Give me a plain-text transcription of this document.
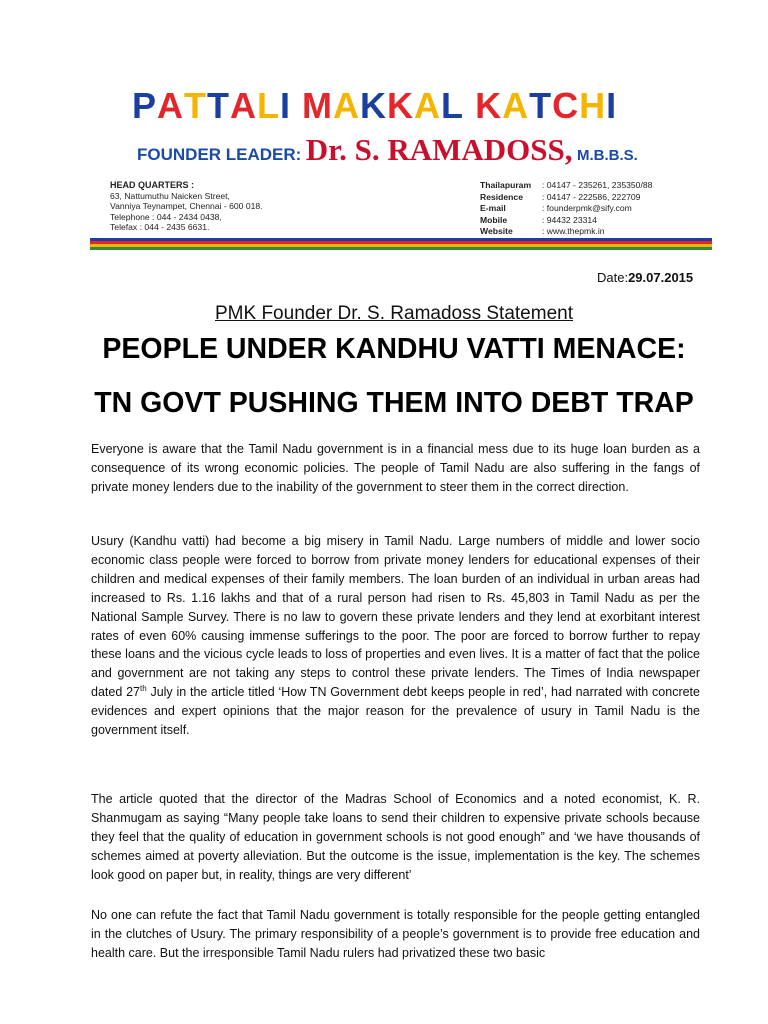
PATTALI MAKKAL KATCHI
FOUNDER LEADER: Dr. S. RAMADOSS, M.B.B.S.
HEAD QUARTERS :
63, Nattumuthu Naicken Street,
Vanniya Teynampet, Chennai - 600 018.
Telephone : 044 - 2434 0438,
Telefax : 044 - 2435 6631.
Thailapuram	: 04147 - 235261, 235350/88
Residence	: 04147 - 222586, 222709
E-mail	: founderpmk@sify.com
Mobile	: 94432 23314
Website	: www.thepmk.in
Date:29.07.2015
PMK Founder Dr. S. Ramadoss Statement
PEOPLE UNDER KANDHU VATTI MENACE:
TN GOVT PUSHING THEM INTO DEBT TRAP

Everyone is aware that the Tamil Nadu government is in a financial mess due to its huge loan burden as a consequence of its wrong economic policies. The people of Tamil Nadu are also suffering in the fangs of private money lenders due to the inability of the government to steer them in the correct direction.

Usury (Kandhu vatti) had become a big misery in Tamil Nadu. Large numbers of middle and lower socio economic class people were forced to borrow from private money lenders for educational expenses of their children and medical expenses of their family members. The loan burden of an individual in urban areas had increased to Rs. 1.16 lakhs and that of a rural person had risen to Rs. 45,803 in Tamil Nadu as per the National Sample Survey. There is no law to govern these private lenders and they lend at exorbitant interest rates of even 60% causing immense sufferings to the poor. The poor are forced to borrow further to repay these loans and the vicious cycle leads to loss of properties and even lives. It is a matter of fact that the police and government are not taking any steps to control these private lenders. The Times of India newspaper dated 27th July in the article titled ‘How TN Government debt keeps people in red’, had narrated with concrete evidences and expert opinions that the major reason for the prevalence of usury in Tamil Nadu is the government itself.

The article quoted that the director of the Madras School of Economics and a noted economist, K. R. Shanmugam as saying “Many people take loans to send their children to expensive private schools because they feel that the quality of education in government schools is not good enough” and ‘we have thousands of schemes aimed at poverty alleviation. But the outcome is the issue, implementation is the key. The schemes look good on paper but, in reality, things are very different’

No one can refute the fact that Tamil Nadu government is totally responsible for the people getting entangled in the clutches of Usury. The primary responsibility of a people’s government is to provide free education and health care. But the irresponsible Tamil Nadu rulers had privatized these two basic
